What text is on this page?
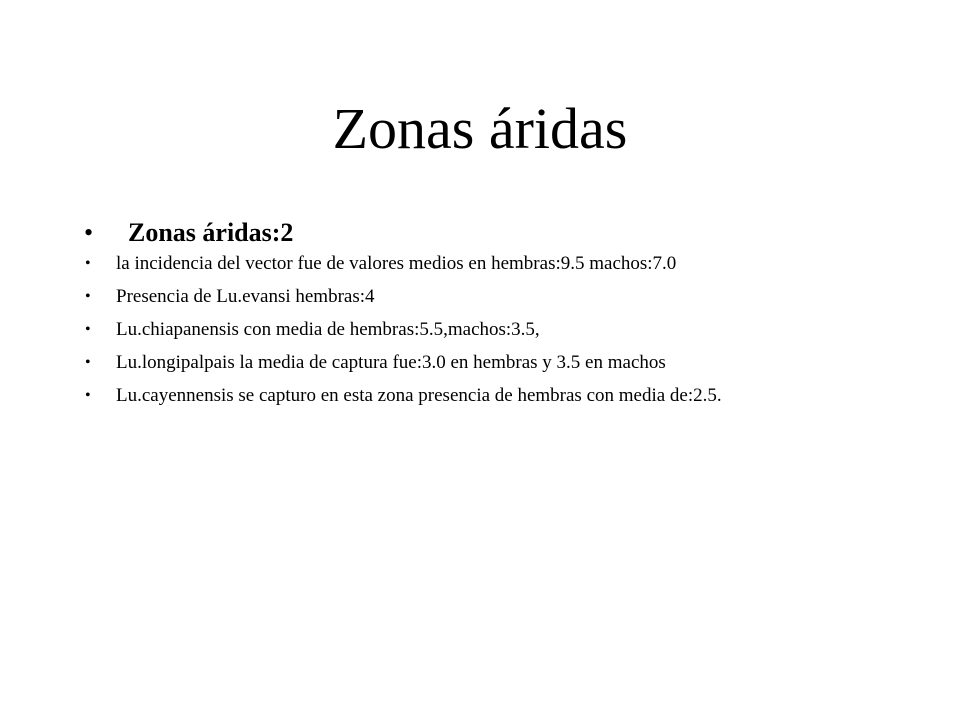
Zonas áridas
• Zonas áridas:2
• la incidencia del vector fue de valores medios en hembras:9.5 machos:7.0
• Presencia de Lu.evansi hembras:4
• Lu.chiapanensis con media de hembras:5.5,machos:3.5,
• Lu.longipalpais la media de captura fue:3.0 en hembras y 3.5 en machos
• Lu.cayennensis se capturo en esta zona presencia de hembras con media de:2.5.
